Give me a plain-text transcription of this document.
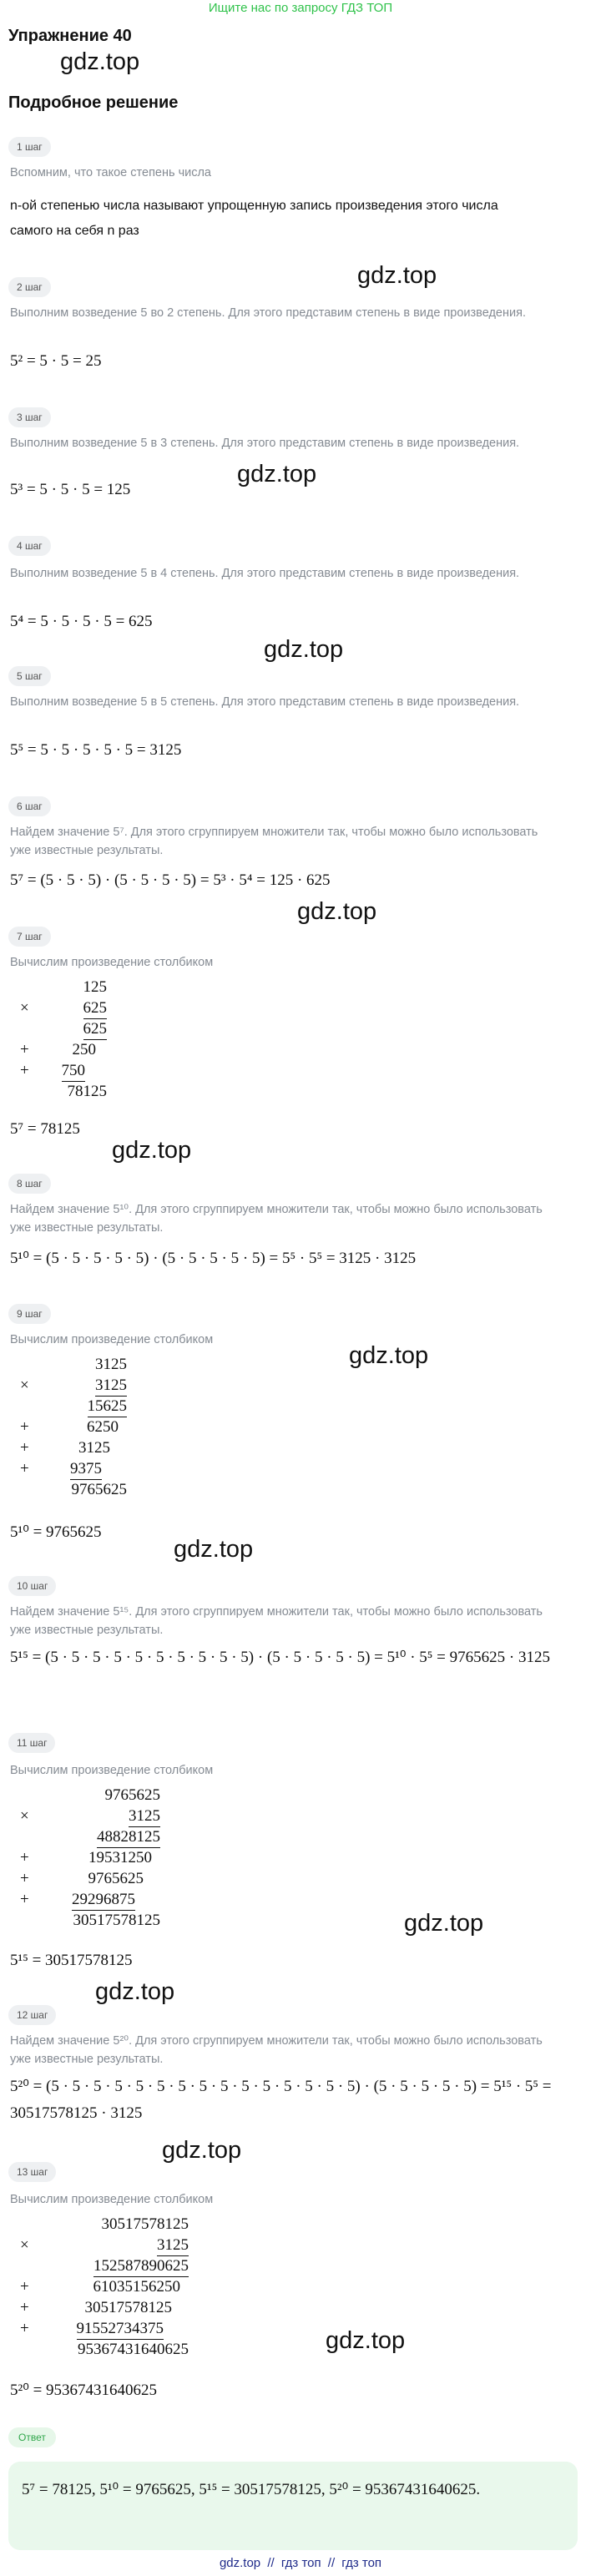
Ищите нас по запросу ГДЗ ТОП
Упражнение 40
Подробное решение
gdz.top
gdz.top
gdz.top
gdz.top
gdz.top
gdz.top
gdz.top
gdz.top
gdz.top
gdz.top
gdz.top
gdz.top
1 шаг
Вспомним, что такое степень числа
n-ой степенью числа называют упрощенную запись произведения этого числа самого на себя n раз
2 шаг
Выполним возведение 5 во 2 степень. Для этого представим степень в виде произведения.
5² = 5 · 5 = 25
3 шаг
Выполним возведение 5 в 3 степень. Для этого представим степень в виде произведения.
5³ = 5 · 5 · 5 = 125
4 шаг
Выполним возведение 5 в 4 степень. Для этого представим степень в виде произведения.
5⁴ = 5 · 5 · 5 · 5 = 625
5 шаг
Выполним возведение 5 в 5 степень. Для этого представим степень в виде произведения.
5⁵ = 5 · 5 · 5 · 5 · 5 = 3125
6 шаг
Найдем значение 5⁷. Для этого сгруппируем множители так, чтобы можно было использовать уже известные результаты.
5⁷ = (5 · 5 · 5) · (5 · 5 · 5 · 5) = 5³ · 5⁴ = 125 · 625
7 шаг
Вычислим произведение столбиком
125
×	625
625
+	250
+ 750
78125
5⁷ = 78125
8 шаг
Найдем значение 5¹⁰. Для этого сгруппируем множители так, чтобы можно было использовать уже известные результаты.
5¹⁰ = (5 · 5 · 5 · 5 · 5) · (5 · 5 · 5 · 5 · 5) = 5⁵ · 5⁵ = 3125 · 3125
9 шаг
Вычислим произведение столбиком
3125
×	3125
15625
+	6250
+	3125
+	9375
9765625
5¹⁰ = 9765625
10 шаг
Найдем значение 5¹⁵. Для этого сгруппируем множители так, чтобы можно было использовать уже известные результаты.
5¹⁵ = (5 · 5 · 5 · 5 · 5 · 5 · 5 · 5 · 5 · 5) · (5 · 5 · 5 · 5 · 5) = 5¹⁰ · 5⁵ = 9765625 · 3125
11 шаг
Вычислим произведение столбиком
9765625
×	3125
48828125
+	19531250
+	9765625
+	29296875
30517578125
5¹⁵ = 30517578125
12 шаг
Найдем значение 5²⁰. Для этого сгруппируем множители так, чтобы можно было использовать уже известные результаты.
5²⁰ = (5 · 5 · 5 · 5 · 5 · 5 · 5 · 5 · 5 · 5 · 5 · 5 · 5 · 5 · 5) · (5 · 5 · 5 · 5 · 5) = 5¹⁵ · 5⁵ = 30517578125 · 3125
13 шаг
Вычислим произведение столбиком
30517578125
×	3125
152587890625
+	61035156250
+	30517578125
+	91552734375
95367431640625
5²⁰ = 95367431640625
Ответ
5⁷ = 78125, 5¹⁰ = 9765625, 5¹⁵ = 30517578125, 5²⁰ = 95367431640625.
gdz.top // гдз топ // гдз топ
